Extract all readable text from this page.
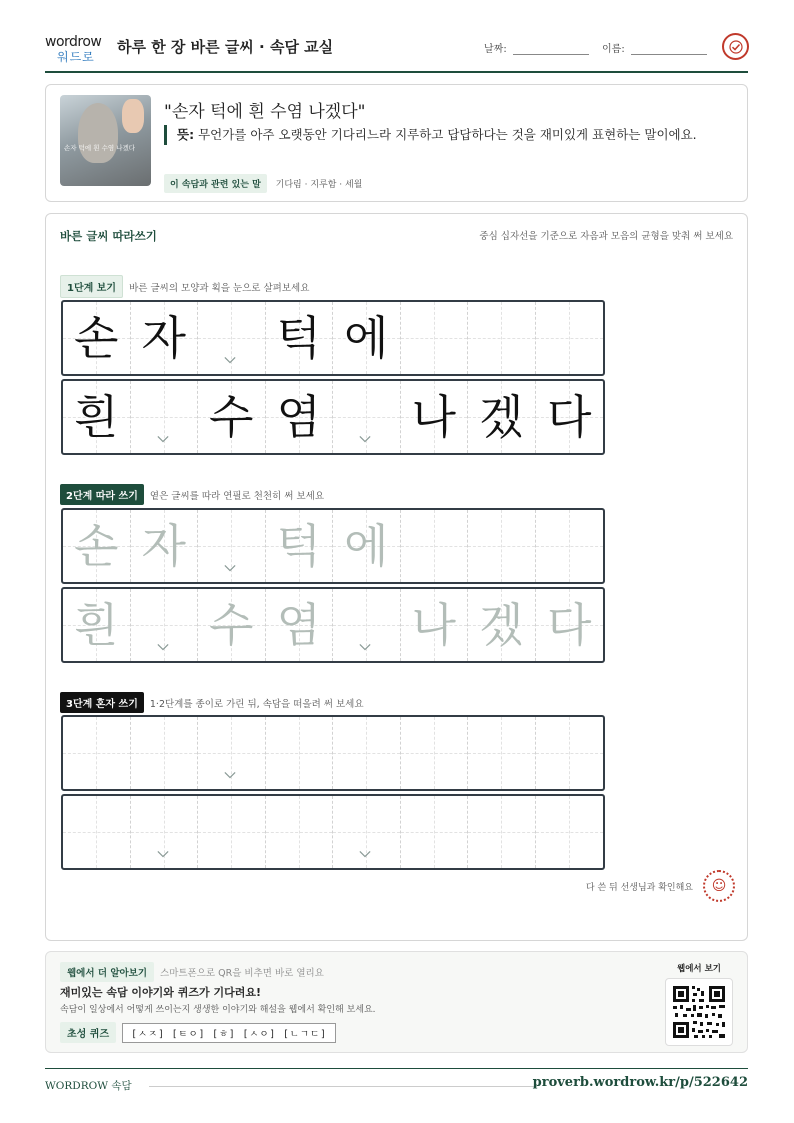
wordrow
워드로
하루 한 장 바른 글씨 · 속담 교실	날짜:	이름:
손자 턱에 흰 수염 나겠다
"손자 턱에 흰 수염 나겠다"
뜻: 무언가를 아주 오랫동안 기다리느라 지루하고 답답하다는 것을 재미있게 표현하는 말이에요.
이 속담과 관련 있는 말 기다림 · 지루함 · 세월
바른 글씨 따라쓰기	중심 십자선을 기준으로 자음과 모음의 균형을 맞춰 써 보세요
1단계 보기 바른 글씨의 모양과 획을 눈으로 살펴보세요
손 자 턱 에
흰 수 염 나 겠 다
2단계 따라 쓰기 옅은 글씨를 따라 연필로 천천히 써 보세요
손 자 턱 에
흰 수 염 나 겠 다
3단계 혼자 쓰기 1·2단계를 종이로 가린 뒤, 속담을 떠올려 써 보세요
다 쓴 뒤 선생님과 확인해요	☺
웹에서 더 알아보기 스마트폰으로 QR을 비추면 바로 열리요
재미있는 속담 이야기와 퀴즈가 기다려요!
속담이 일상에서 어떻게 쓰이는지 생생한 이야기와 해설을 웹에서 확인해 보세요.
초성 퀴즈 [ㅅㅈ] [ㅌㅇ] [ㅎ] [ㅅㅇ] [ㄴㄱㄷ]
웹에서 보기
WORDROW 속담	proverb.wordrow.kr/p/522642
